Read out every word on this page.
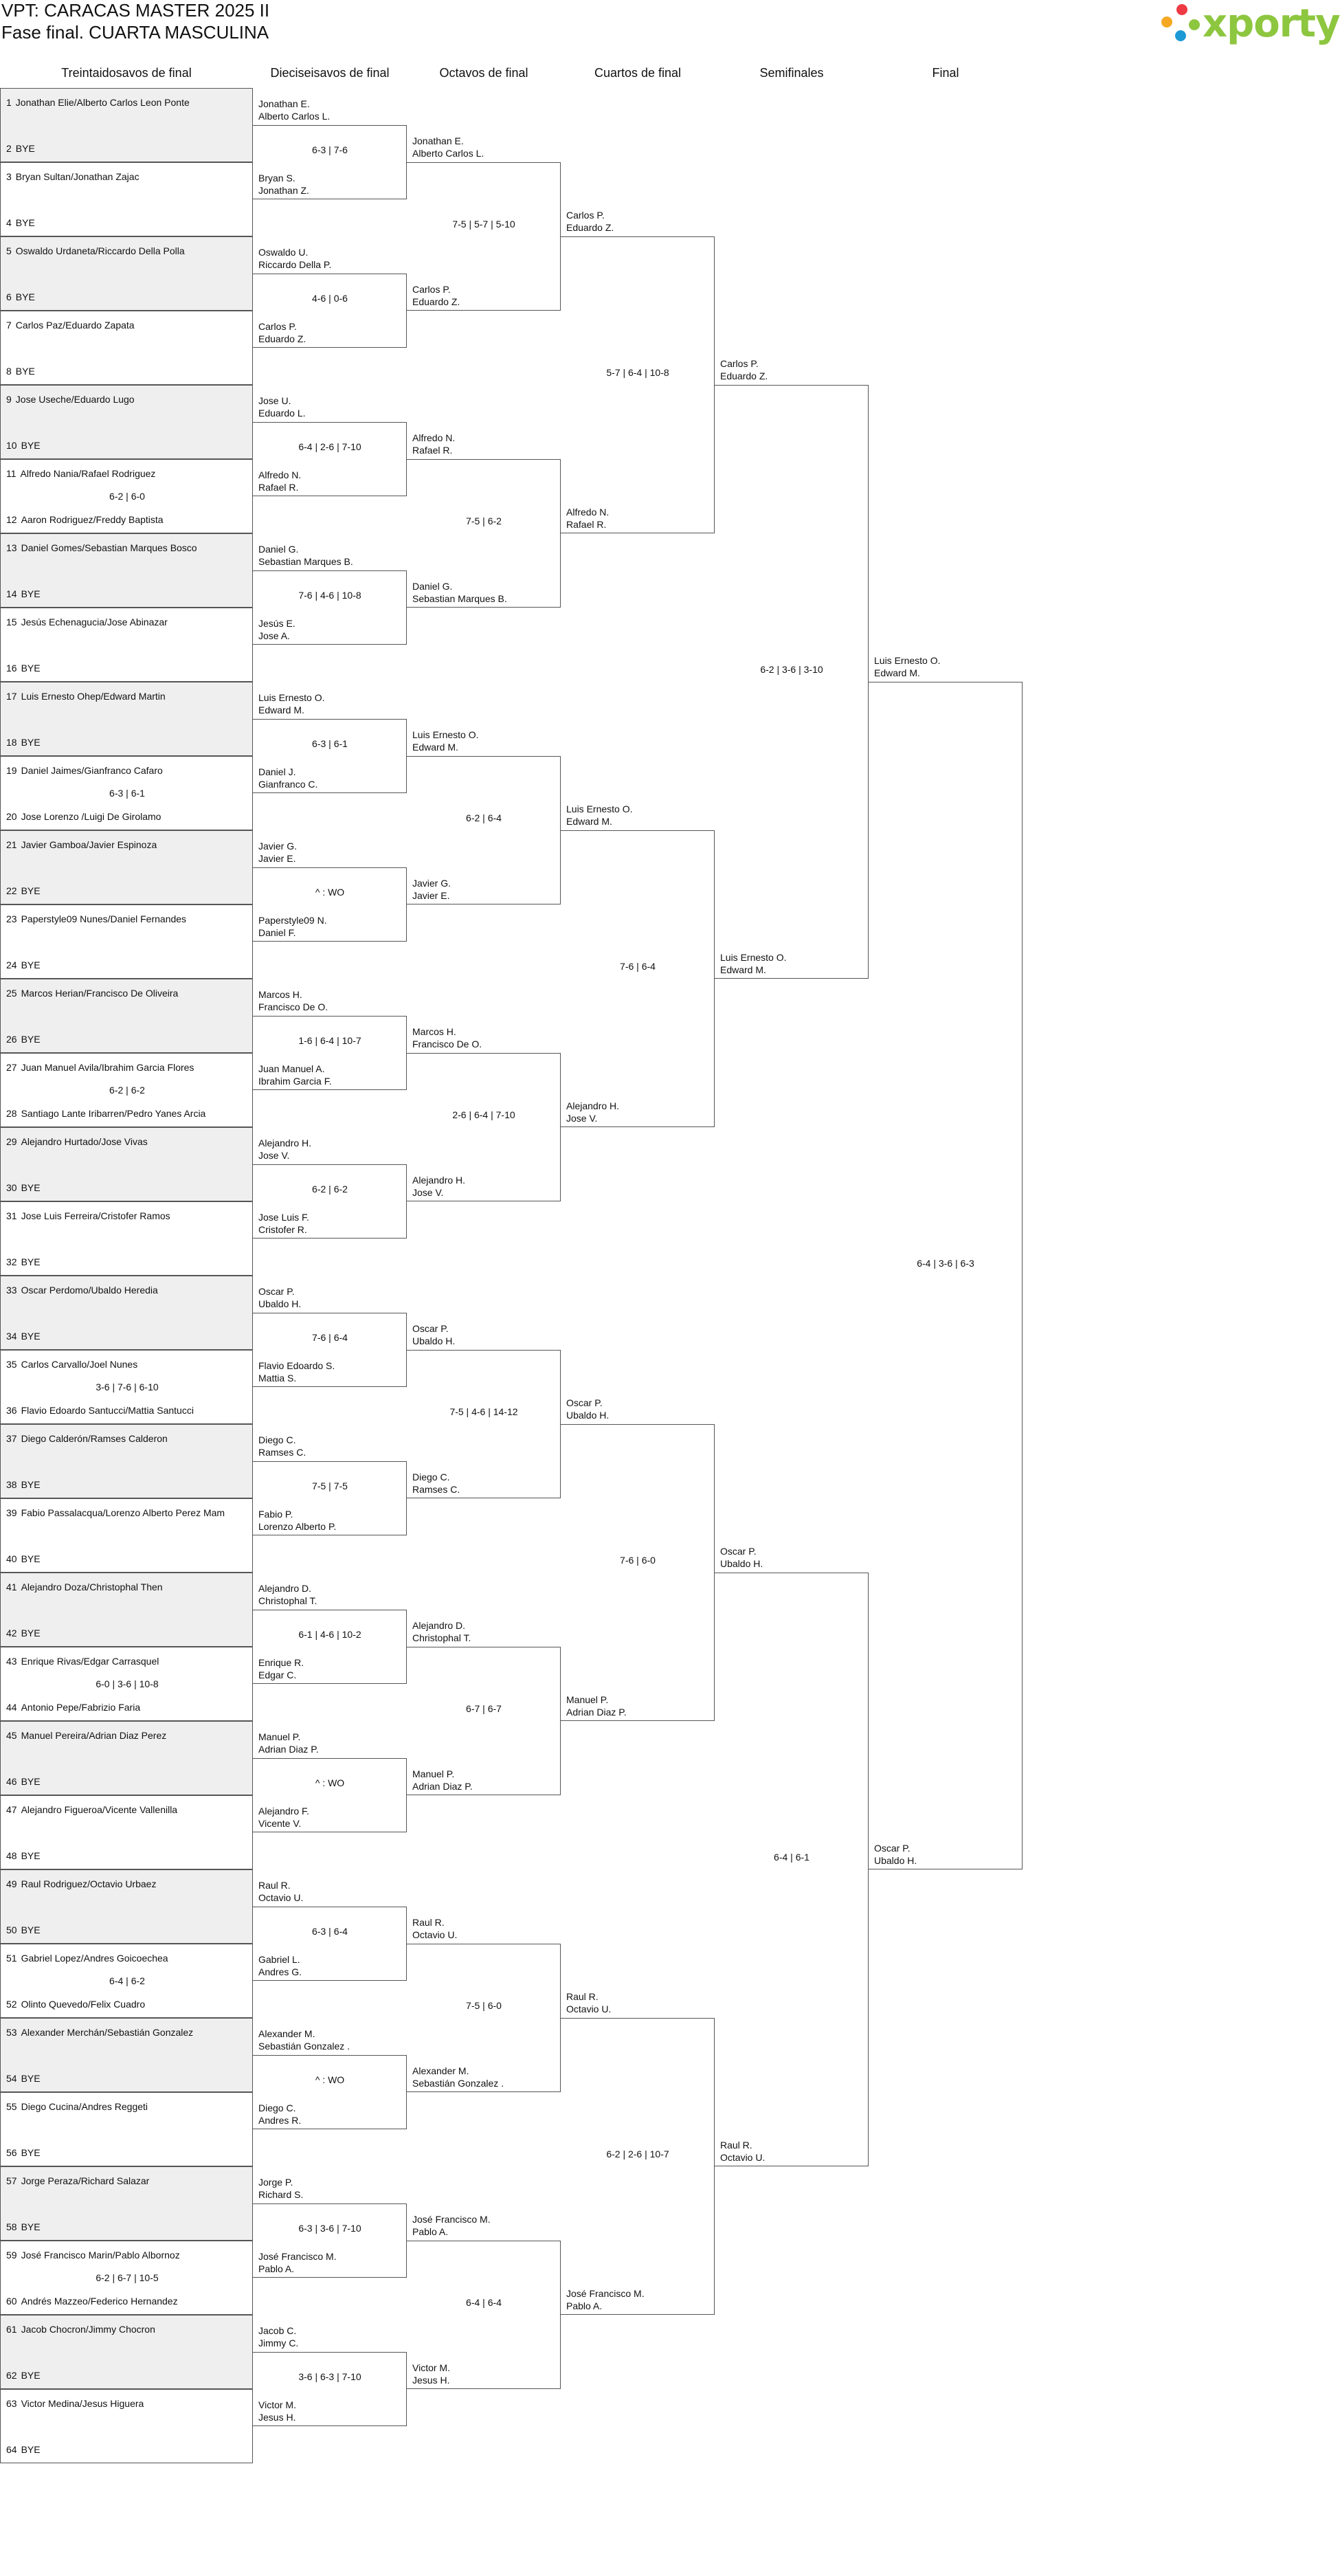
VPT: CARACAS MASTER 2025 II
Fase final. CUARTA MASCULINA	xporty
Treintaidosavos de final	Dieciseisavos de final	Octavos de final	Cuartos de final	Semifinales	Final
1 Jonathan Elie/Alberto Carlos Leon Ponte
2 BYE
3 Bryan Sultan/Jonathan Zajac
4 BYE
5 Oswaldo Urdaneta/Riccardo Della Polla
6 BYE
7 Carlos Paz/Eduardo Zapata
8 BYE
9 Jose Useche/Eduardo Lugo
10 BYE
11 Alfredo Nania/Rafael Rodriguez
12 Aaron Rodriguez/Freddy Baptista
6-2 | 6-0
13 Daniel Gomes/Sebastian Marques Bosco
14 BYE
15 Jesús Echenagucia/Jose Abinazar
16 BYE
17 Luis Ernesto Ohep/Edward Martin
18 BYE
19 Daniel Jaimes/Gianfranco Cafaro
20 Jose Lorenzo /Luigi De Girolamo
6-3 | 6-1
21 Javier Gamboa/Javier Espinoza
22 BYE
23 Paperstyle09 Nunes/Daniel Fernandes
24 BYE
25 Marcos Herian/Francisco De Oliveira
26 BYE
27 Juan Manuel Avila/Ibrahim Garcia Flores
28 Santiago Lante Iribarren/Pedro Yanes Arcia
6-2 | 6-2
29 Alejandro Hurtado/Jose Vivas
30 BYE
31 Jose Luis Ferreira/Cristofer Ramos
32 BYE
33 Oscar Perdomo/Ubaldo Heredia
34 BYE
35 Carlos Carvallo/Joel Nunes
36 Flavio Edoardo Santucci/Mattia Santucci
3-6 | 7-6 | 6-10
37 Diego Calderón/Ramses Calderon
38 BYE
39 Fabio Passalacqua/Lorenzo Alberto Perez Mam
40 BYE
41 Alejandro Doza/Christophal Then
42 BYE
43 Enrique Rivas/Edgar Carrasquel
44 Antonio Pepe/Fabrizio Faria
6-0 | 3-6 | 10-8
45 Manuel Pereira/Adrian Diaz Perez
46 BYE
47 Alejandro Figueroa/Vicente Vallenilla
48 BYE
49 Raul Rodriguez/Octavio Urbaez
50 BYE
51 Gabriel Lopez/Andres Goicoechea
52 Olinto Quevedo/Felix Cuadro
6-4 | 6-2
53 Alexander Merchán/Sebastián Gonzalez
54 BYE
55 Diego Cucina/Andres Reggeti
56 BYE
57 Jorge Peraza/Richard Salazar
58 BYE
59 José Francisco Marin/Pablo Albornoz
60 Andrés Mazzeo/Federico Hernandez
6-2 | 6-7 | 10-5
61 Jacob Chocron/Jimmy Chocron
62 BYE
63 Victor Medina/Jesus Higuera
64 BYE
Jonathan E.
Alberto Carlos L.
Bryan S.
Jonathan Z.
6-3 | 7-6
Oswaldo U.
Riccardo Della P.
Carlos P.
Eduardo Z.
4-6 | 0-6
Jose U.
Eduardo L.
Alfredo N.
Rafael R.
6-4 | 2-6 | 7-10
Daniel G.
Sebastian Marques B.
Jesús E.
Jose A.
7-6 | 4-6 | 10-8
Luis Ernesto O.
Edward M.
Daniel J.
Gianfranco C.
6-3 | 6-1
Javier G.
Javier E.
Paperstyle09 N.
Daniel F.
^ : WO
Marcos H.
Francisco De O.
Juan Manuel A.
Ibrahim Garcia F.
1-6 | 6-4 | 10-7
Alejandro H.
Jose V.
Jose Luis F.
Cristofer R.
6-2 | 6-2
Oscar P.
Ubaldo H.
Flavio Edoardo S.
Mattia S.
7-6 | 6-4
Diego C.
Ramses C.
Fabio P.
Lorenzo Alberto P.
7-5 | 7-5
Alejandro D.
Christophal T.
Enrique R.
Edgar C.
6-1 | 4-6 | 10-2
Manuel P.
Adrian Diaz P.
Alejandro F.
Vicente V.
^ : WO
Raul R.
Octavio U.
Gabriel L.
Andres G.
6-3 | 6-4
Alexander M.
Sebastián Gonzalez .
Diego C.
Andres R.
^ : WO
Jorge P.
Richard S.
José Francisco M.
Pablo A.
6-3 | 3-6 | 7-10
Jacob C.
Jimmy C.
Victor M.
Jesus H.
3-6 | 6-3 | 7-10
Jonathan E.
Alberto Carlos L.
Carlos P.
Eduardo Z.
7-5 | 5-7 | 5-10
Alfredo N.
Rafael R.
Daniel G.
Sebastian Marques B.
7-5 | 6-2
Luis Ernesto O.
Edward M.
Javier G.
Javier E.
6-2 | 6-4
Marcos H.
Francisco De O.
Alejandro H.
Jose V.
2-6 | 6-4 | 7-10
Oscar P.
Ubaldo H.
Diego C.
Ramses C.
7-5 | 4-6 | 14-12
Alejandro D.
Christophal T.
Manuel P.
Adrian Diaz P.
6-7 | 6-7
Raul R.
Octavio U.
Alexander M.
Sebastián Gonzalez .
7-5 | 6-0
José Francisco M.
Pablo A.
Victor M.
Jesus H.
6-4 | 6-4
Carlos P.
Eduardo Z.
Alfredo N.
Rafael R.
5-7 | 6-4 | 10-8
Luis Ernesto O.
Edward M.
Alejandro H.
Jose V.
7-6 | 6-4
Oscar P.
Ubaldo H.
Manuel P.
Adrian Diaz P.
7-6 | 6-0
Raul R.
Octavio U.
José Francisco M.
Pablo A.
6-2 | 2-6 | 10-7
Carlos P.
Eduardo Z.
Luis Ernesto O.
Edward M.
6-2 | 3-6 | 3-10
Oscar P.
Ubaldo H.
Raul R.
Octavio U.
6-4 | 6-1
Luis Ernesto O.
Edward M.
Oscar P.
Ubaldo H.
6-4 | 3-6 | 6-3
